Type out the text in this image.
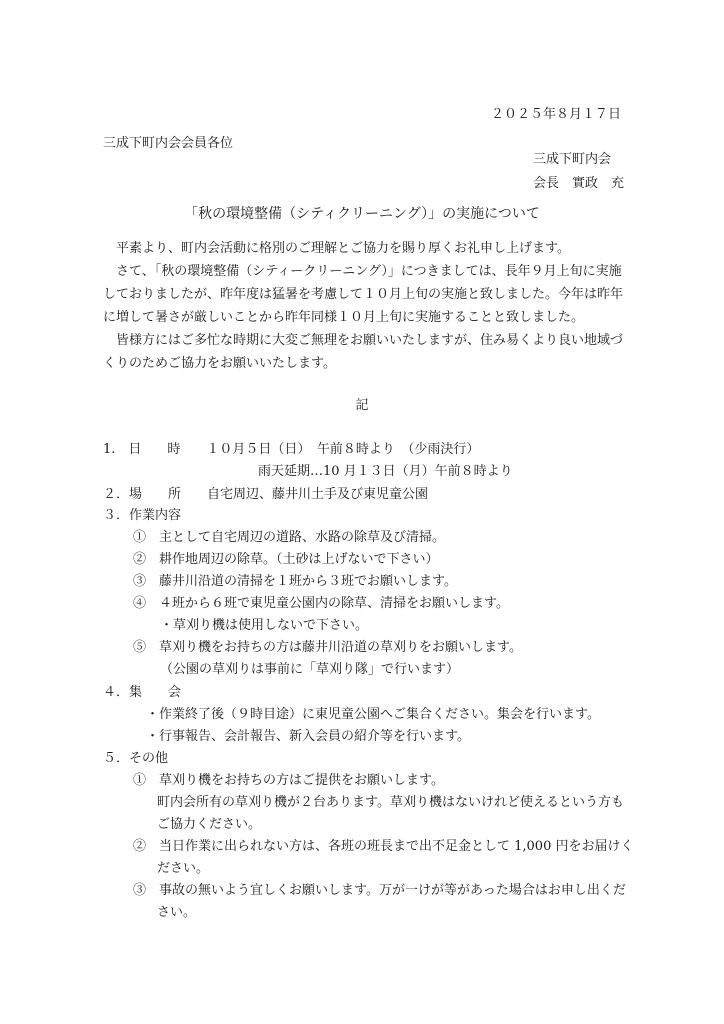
２０２５年８月１７日
三成下町内会会員各位
三成下町内会
会長　實政　充
「秋の環境整備（シティクリーニング）」の実施について
　平素より、町内会活動に格別のご理解とご協力を賜り厚くお礼申し上げます。
　さて、「秋の環境整備（シティークリーニング）」につきましては、長年９月上旬に実施しておりましたが、昨年度は猛暑を考慮して１０月上旬の実施と致しました。今年は昨年に増して暑さが厳しいことから昨年同様１０月上旬に実施することと致しました。
　皆様方にはご多忙な時期に大変ご無理をお願いいたしますが、住み易くより良い地域づくりのためご協力をお願いいたします。
記
1.　日　　時　　１０月５日（日）　午前８時より　（少雨決行）
雨天延期…10 月１３日（月）午前８時より
２．場　　所　　自宅周辺、藤井川土手及び東児童公園
３．作業内容
①　主として自宅周辺の道路、水路の除草及び清掃。
②　耕作地周辺の除草。（土砂は上げないで下さい）
③　藤井川沿道の清掃を１班から３班でお願いします。
④　４班から６班で東児童公園内の除草、清掃をお願いします。
・草刈り機は使用しないで下さい。
⑤　草刈り機をお持ちの方は藤井川沿道の草刈りをお願いします。
（公園の草刈りは事前に「草刈り隊」で行います）
４．集　　会
・作業終了後（９時目途）に東児童公園へご集合ください。集会を行います。
・行事報告、会計報告、新入会員の紹介等を行います。
５．その他
①　草刈り機をお持ちの方はご提供をお願いします。
町内会所有の草刈り機が２台あります。草刈り機はないけれど使えるという方も
ご協力ください。
②　当日作業に出られない方は、各班の班長まで出不足金として 1,000 円をお届けく
ださい。
③　事故の無いよう宜しくお願いします。万が一けが等があった場合はお申し出くだ
さい。
